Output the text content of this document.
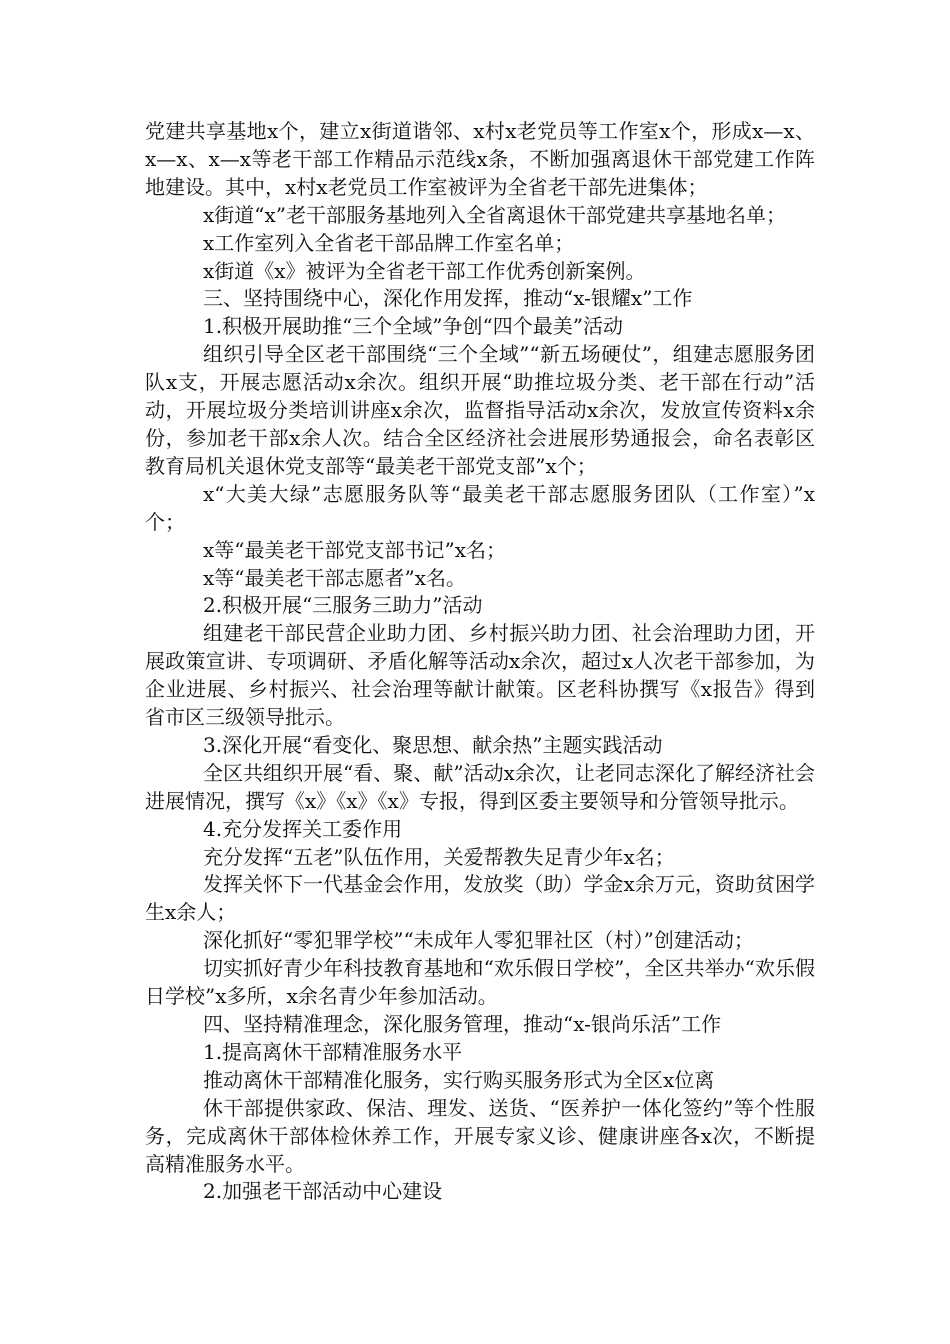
党建共享基地x个，建立x街道谐邻、x村x老党员等工作室x个，形成x—x、x—x、x—x等老干部工作精品示范线x条，不断加强离退休干部党建工作阵地建设。其中，x村x老党员工作室被评为全省老干部先进集体；

x街道“x”老干部服务基地列入全省离退休干部党建共享基地名单；

x工作室列入全省老干部品牌工作室名单；

x街道《x》被评为全省老干部工作优秀创新案例。

三、坚持围绕中心，深化作用发挥，推动“x-银耀x”工作

1.积极开展助推“三个全域”争创“四个最美”活动

组织引导全区老干部围绕“三个全域”“新五场硬仗”，组建志愿服务团队x支，开展志愿活动x余次。组织开展“助推垃圾分类、老干部在行动”活动，开展垃圾分类培训讲座x余次，监督指导活动x余次，发放宣传资料x余份，参加老干部x余人次。结合全区经济社会进展形势通报会，命名表彰区教育局机关退休党支部等“最美老干部党支部”x个；

x“大美大绿”志愿服务队等“最美老干部志愿服务团队（工作室）”x个；

x等“最美老干部党支部书记”x名；

x等“最美老干部志愿者”x名。

2.积极开展“三服务三助力”活动

组建老干部民营企业助力团、乡村振兴助力团、社会治理助力团，开展政策宣讲、专项调研、矛盾化解等活动x余次，超过x人次老干部参加，为企业进展、乡村振兴、社会治理等献计献策。区老科协撰写《x报告》得到省市区三级领导批示。

3.深化开展“看变化、聚思想、献余热”主题实践活动

全区共组织开展“看、聚、献”活动x余次，让老同志深化了解经济社会进展情况，撰写《x》《x》《x》专报，得到区委主要领导和分管领导批示。

4.充分发挥关工委作用

充分发挥“五老”队伍作用，关爱帮教失足青少年x名；

发挥关怀下一代基金会作用，发放奖（助）学金x余万元，资助贫困学生x余人；

深化抓好“零犯罪学校”“未成年人零犯罪社区（村）”创建活动；

切实抓好青少年科技教育基地和“欢乐假日学校”，全区共举办“欢乐假日学校”x多所，x余名青少年参加活动。

四、坚持精准理念，深化服务管理，推动“x-银尚乐活”工作

1.提高离休干部精准服务水平

推动离休干部精准化服务，实行购买服务形式为全区x位离

休干部提供家政、保洁、理发、送货、“医养护一体化签约”等个性服务，完成离休干部体检休养工作，开展专家义诊、健康讲座各x次，不断提高精准服务水平。

2.加强老干部活动中心建设
